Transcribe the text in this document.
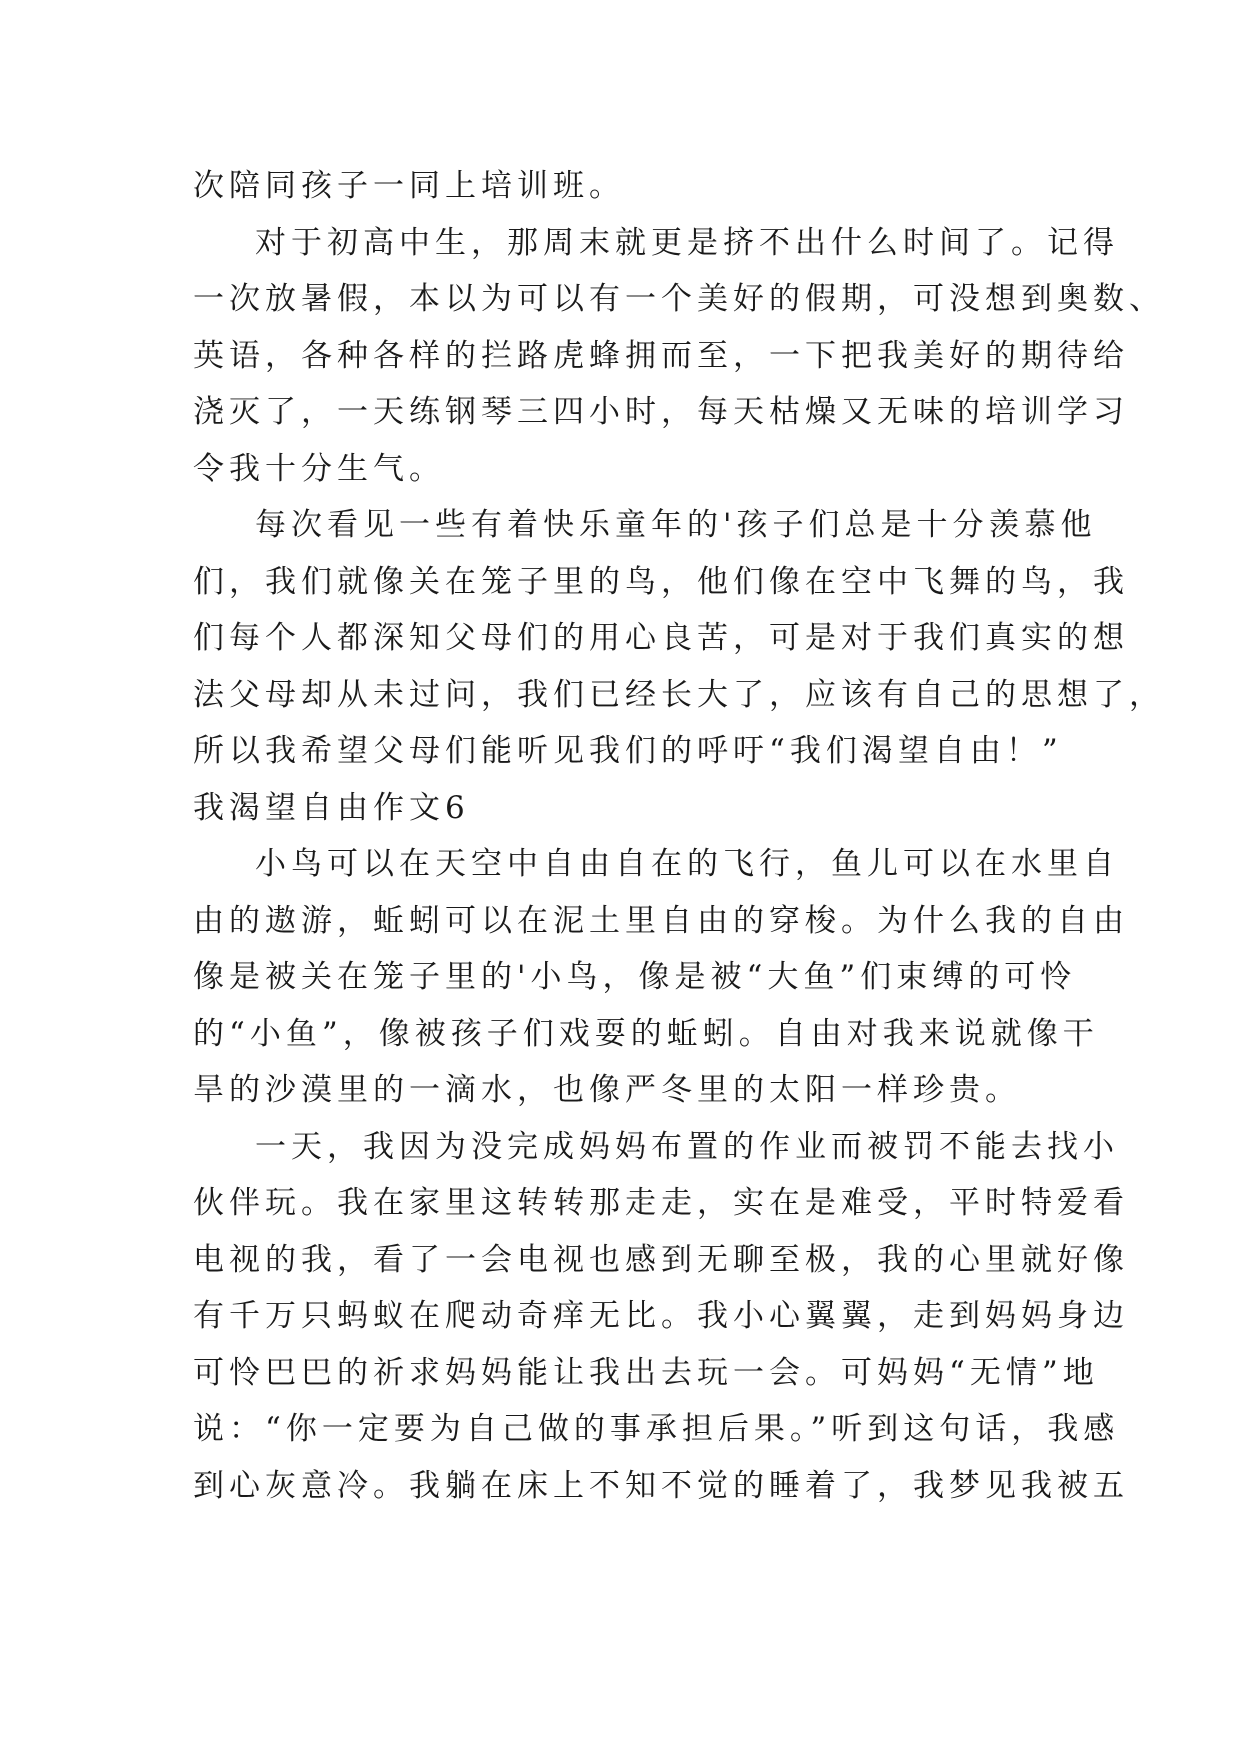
次陪同孩子一同上培训班。
对于初高中生，那周末就更是挤不出什么时间了。记得
一次放暑假，本以为可以有一个美好的假期，可没想到奥数、
英语，各种各样的拦路虎蜂拥而至，一下把我美好的期待给
浇灭了，一天练钢琴三四小时，每天枯燥又无味的培训学习
令我十分生气。
每次看见一些有着快乐童年的'孩子们总是十分羡慕他
们，我们就像关在笼子里的鸟，他们像在空中飞舞的鸟，我
们每个人都深知父母们的用心良苦，可是对于我们真实的想
法父母却从未过问，我们已经长大了，应该有自己的思想了，
所以我希望父母们能听见我们的呼吁“我们渴望自由！”
我渴望自由作文6
小鸟可以在天空中自由自在的飞行，鱼儿可以在水里自
由的遨游，蚯蚓可以在泥土里自由的穿梭。为什么我的自由
像是被关在笼子里的'小鸟，像是被“大鱼”们束缚的可怜
的“小鱼”，像被孩子们戏耍的蚯蚓。自由对我来说就像干
旱的沙漠里的一滴水，也像严冬里的太阳一样珍贵。
一天，我因为没完成妈妈布置的作业而被罚不能去找小
伙伴玩。我在家里这转转那走走，实在是难受，平时特爱看
电视的我，看了一会电视也感到无聊至极，我的心里就好像
有千万只蚂蚁在爬动奇痒无比。我小心翼翼，走到妈妈身边
可怜巴巴的祈求妈妈能让我出去玩一会。可妈妈“无情”地
说：“你一定要为自己做的事承担后果。”听到这句话，我感
到心灰意冷。我躺在床上不知不觉的睡着了，我梦见我被五
